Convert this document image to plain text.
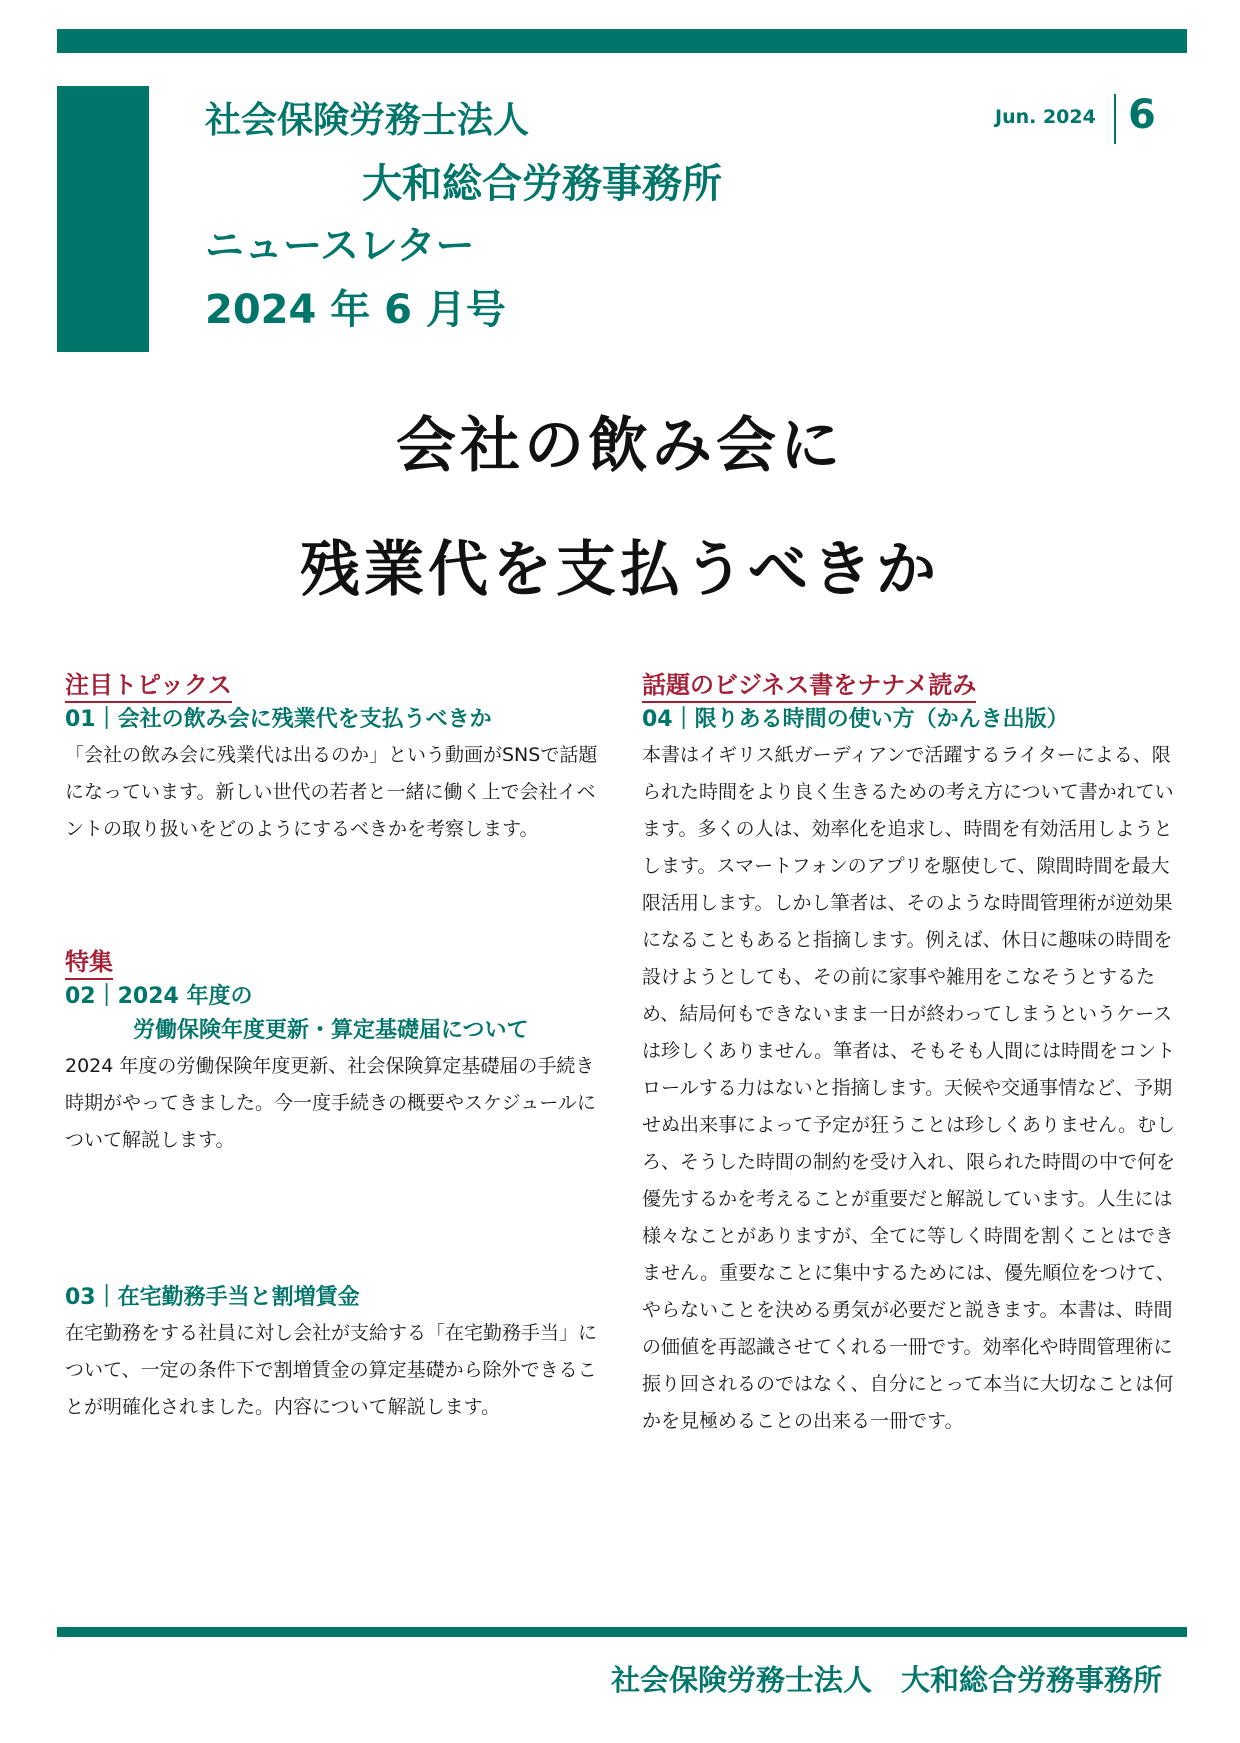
社会保険労務士法人
大和総合労務事務所
ニュースレター
2024 年 6 月号
Jun. 2024 6
会社の飲み会に
残業代を支払うべきか
注目トピックス
01｜会社の飲み会に残業代を支払うべきか

「会社の飲み会に残業代は出るのか」という動画がSNSで話題になっています。新しい世代の若者と一緒に働く上で会社イベントの取り扱いをどのようにするべきかを考察します。

特集
02｜2024 年度の
労働保険年度更新・算定基礎届について

2024 年度の労働保険年度更新、社会保険算定基礎届の手続き時期がやってきました。今一度手続きの概要やスケジュールについて解説します。

03｜在宅勤務手当と割増賃金

在宅勤務をする社員に対し会社が支給する「在宅勤務手当」について、一定の条件下で割増賃金の算定基礎から除外できることが明確化されました。内容について解説します。

話題のビジネス書をナナメ読み
04｜限りある時間の使い方（かんき出版）

本書はイギリス紙ガーディアンで活躍するライターによる、限られた時間をより良く生きるための考え方について書かれています。多くの人は、効率化を追求し、時間を有効活用しようとします。スマートフォンのアプリを駆使して、隙間時間を最大限活用します。しかし筆者は、そのような時間管理術が逆効果になることもあると指摘します。例えば、休日に趣味の時間を設けようとしても、その前に家事や雑用をこなそうとするため、結局何もできないまま一日が終わってしまうというケースは珍しくありません。筆者は、そもそも人間には時間をコントロールする力はないと指摘します。天候や交通事情など、予期せぬ出来事によって予定が狂うことは珍しくありません。むしろ、そうした時間の制約を受け入れ、限られた時間の中で何を優先するかを考えることが重要だと解説しています。人生には様々なことがありますが、全てに等しく時間を割くことはできません。重要なことに集中するためには、優先順位をつけて、やらないことを決める勇気が必要だと説きます。本書は、時間の価値を再認識させてくれる一冊です。効率化や時間管理術に振り回されるのではなく、自分にとって本当に大切なことは何かを見極めることの出来る一冊です。

社会保険労務士法人　大和総合労務事務所
